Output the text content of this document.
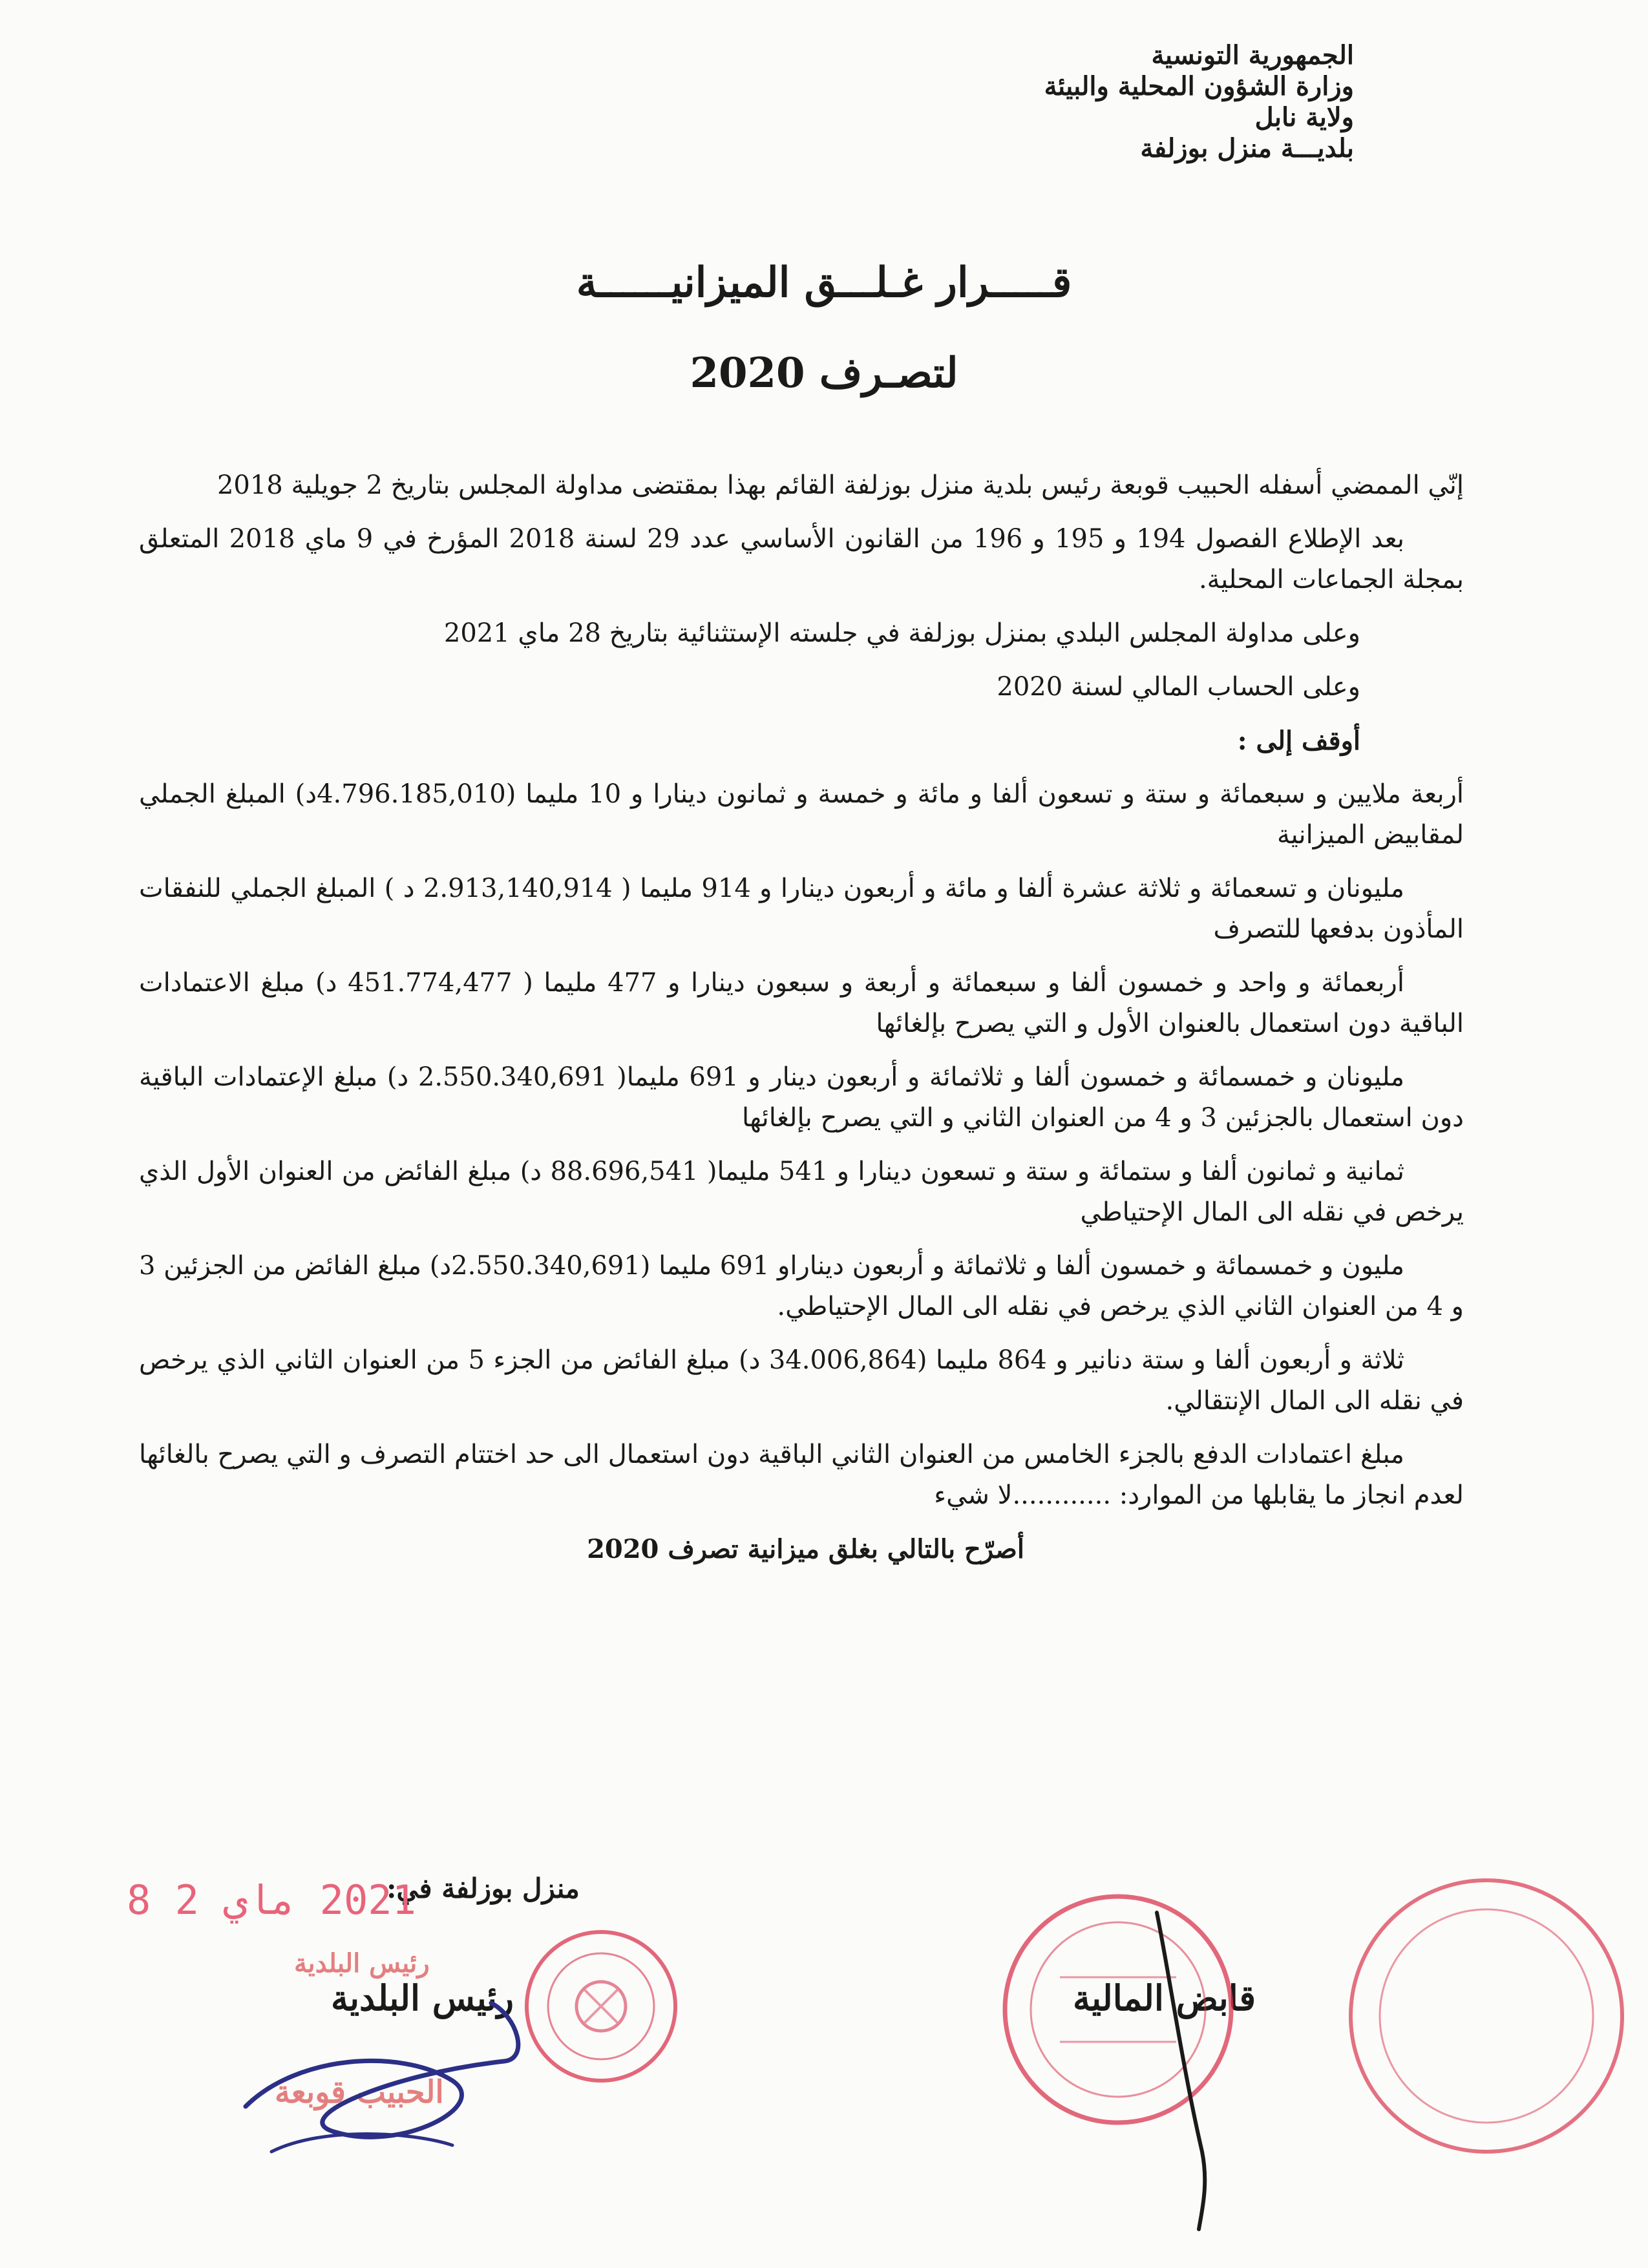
الجمهورية التونسية
وزارة الشؤون المحلية والبيئة
ولاية نابل
بلديـــة منزل بوزلفة
قـــــرار غـلـــق الميزانيــــــة
لتصـرف 2020

إنّي الممضي أسفله الحبيب قوبعة رئيس بلدية منزل بوزلفة القائم بهذا بمقتضى مداولة المجلس بتاريخ 2 جويلية 2018

بعد الإطلاع الفصول 194 و 195 و 196 من القانون الأساسي عدد 29 لسنة 2018 المؤرخ في 9 ماي 2018 المتعلق بمجلة الجماعات المحلية.

وعلى مداولة المجلس البلدي بمنزل بوزلفة في جلسته الإستثنائية بتاريخ 28 ماي 2021

وعلى الحساب المالي لسنة 2020

أوقف إلى :

أربعة ملايين و سبعمائة و ستة و تسعون ألفا و مائة و خمسة و ثمانون دينارا و 10 مليما (4.796.185,010د) المبلغ الجملي لمقابيض الميزانية

مليونان و تسعمائة و ثلاثة عشرة ألفا و مائة و أربعون دينارا و 914 مليما ( 2.913,140,914 د ) المبلغ الجملي للنفقات المأذون بدفعها للتصرف

أربعمائة و واحد و خمسون ألفا و سبعمائة و أربعة و سبعون دينارا و 477 مليما ( 451.774,477 د) مبلغ الاعتمادات الباقية دون استعمال بالعنوان الأول و التي يصرح بإلغائها

مليونان و خمسمائة و خمسون ألفا و ثلاثمائة و أربعون دينار و 691 مليما( 2.550.340,691 د) مبلغ الإعتمادات الباقية دون استعمال بالجزئين 3 و 4 من العنوان الثاني و التي يصرح بإلغائها

ثمانية و ثمانون ألفا و ستمائة و ستة و تسعون دينارا و 541 مليما( 88.696,541 د) مبلغ الفائض من العنوان الأول الذي يرخص في نقله الى المال الإحتياطي

مليون و خمسمائة و خمسون ألفا و ثلاثمائة و أربعون ديناراو 691 مليما (2.550.340,691د) مبلغ الفائض من الجزئين 3 و 4 من العنوان الثاني الذي يرخص في نقله الى المال الإحتياطي.

ثلاثة و أربعون ألفا و ستة دنانير و 864 مليما (34.006,864 د) مبلغ الفائض من الجزء 5 من العنوان الثاني الذي يرخص في نقله الى المال الإنتقالي.

مبلغ اعتمادات الدفع بالجزء الخامس من العنوان الثاني الباقية دون استعمال الى حد اختتام التصرف و التي يصرح بالغائها لعدم انجاز ما يقابلها من الموارد: ............لا شيء

أصرّح بالتالي بغلق ميزانية تصرف 2020

منزل بوزلفة في:
2021 ماي 2 8
قابض المالية
رئيس البلدية
رئيس البلدية
الحبيب قوبعة
